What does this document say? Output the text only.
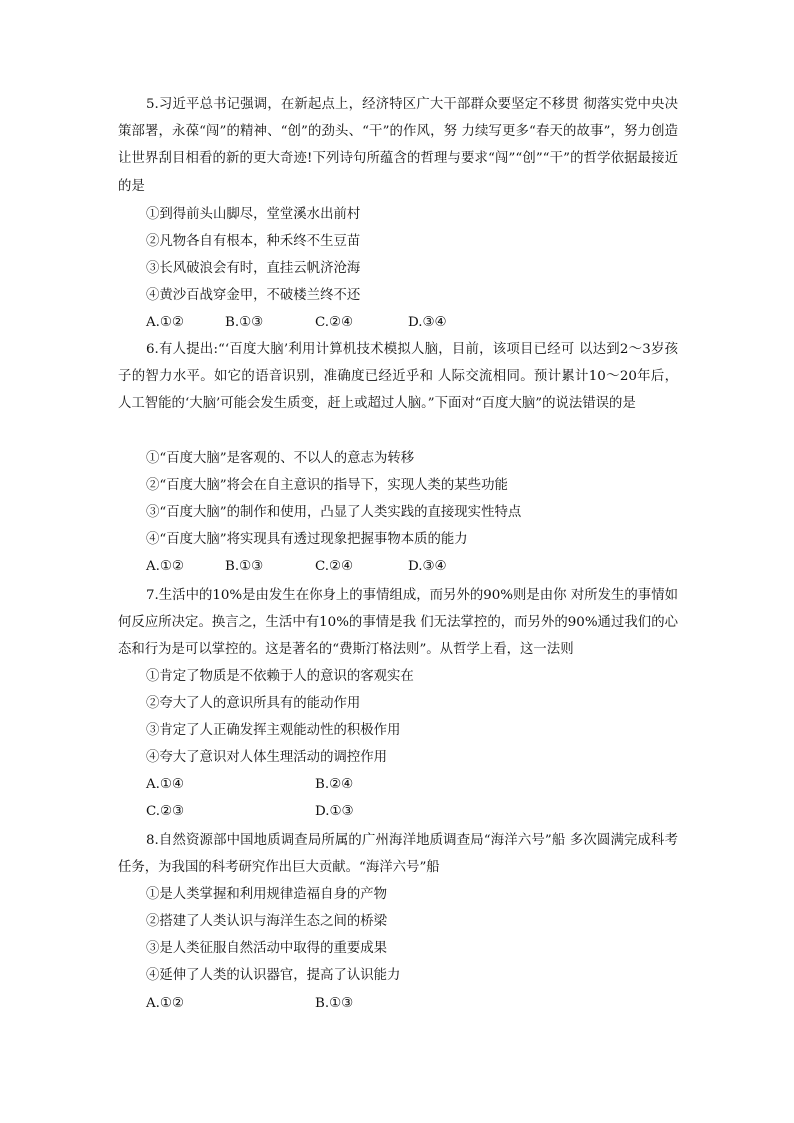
5.习近平总书记强调，在新起点上，经济特区广大干部群众要坚定不移贯 彻落实党中央决策部署，永葆“闯”的精神、“创”的劲头、“干”的作风，努 力续写更多“春天的故事”，努力创造让世界刮目相看的新的更大奇迹!下列诗句所蕴含的哲理与要求“闯”“创”“干”的哲学依据最接近的是

①到得前头山脚尽，堂堂溪水出前村

②凡物各自有根本，种禾终不生豆苗

③长风破浪会有时，直挂云帆济沧海

④黄沙百战穿金甲，不破楼兰终不还

A.①②	B.①③	C.②④	D.③④

6.有人提出:“‘百度大脑’利用计算机技术模拟人脑，目前，该项目已经可 以达到2～3岁孩子的智力水平。如它的语音识别，准确度已经近乎和 人际交流相同。预计累计10～20年后，人工智能的‘大脑’可能会发生质变，赶上或超过人脑。”下面对“百度大脑”的说法错误的是

①“百度大脑”是客观的、不以人的意志为转移

②“百度大脑”将会在自主意识的指导下，实现人类的某些功能

③“百度大脑”的制作和使用，凸显了人类实践的直接现实性特点

④“百度大脑”将实现具有透过现象把握事物本质的能力

A.①②	B.①③	C.②④	D.③④

7.生活中的10%是由发生在你身上的事情组成，而另外的90%则是由你 对所发生的事情如何反应所决定。换言之，生活中有10%的事情是我 们无法掌控的，而另外的90%通过我们的心态和行为是可以掌控的。这是著名的“费斯汀格法则”。从哲学上看，这一法则

①肯定了物质是不依赖于人的意识的客观实在

②夸大了人的意识所具有的能动作用

③肯定了人正确发挥主观能动性的积极作用

④夸大了意识对人体生理活动的调控作用

A.①④	B.②④

C.②③	D.①③

8.自然资源部中国地质调查局所属的广州海洋地质调查局“海洋六号”船 多次圆满完成科考任务，为我国的科考研究作出巨大贡献。“海洋六号”船

①是人类掌握和利用规律造福自身的产物

②搭建了人类认识与海洋生态之间的桥梁

③是人类征服自然活动中取得的重要成果

④延伸了人类的认识器官，提高了认识能力

A.①②	B.①③
